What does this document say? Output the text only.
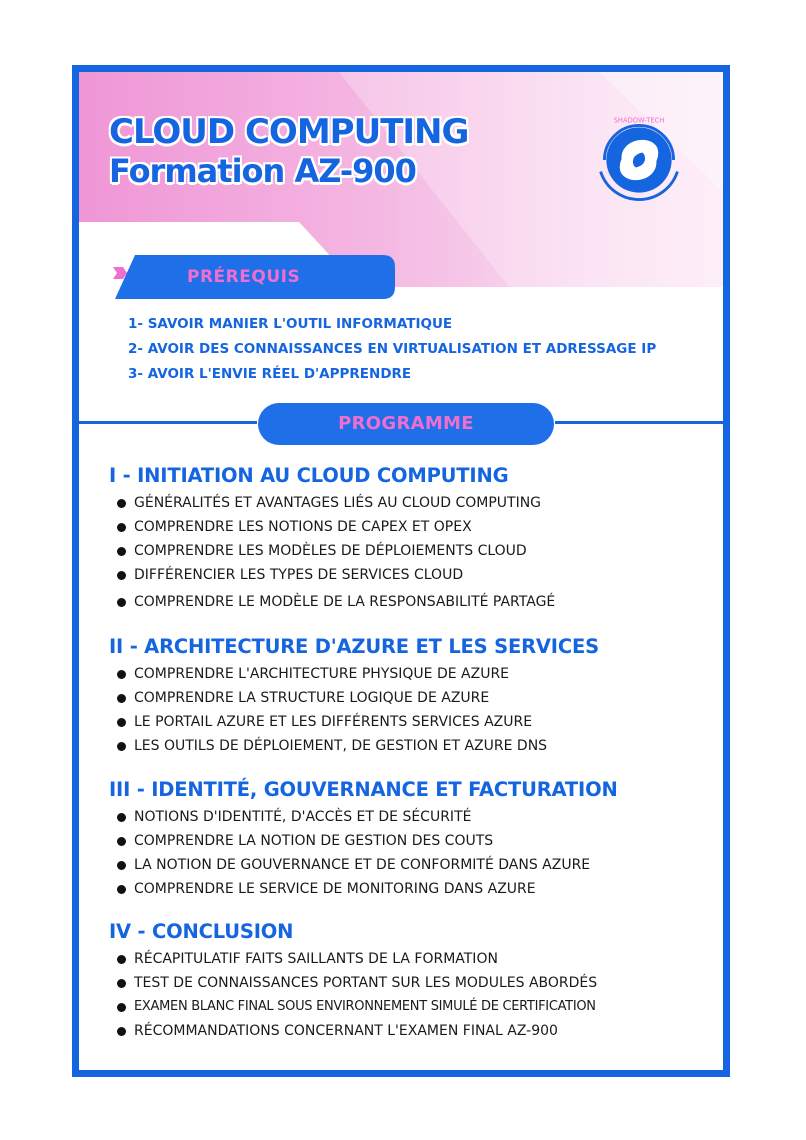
CLOUD COMPUTING
Formation AZ-900
SHADOW-TECH
PRÉREQUIS
1- SAVOIR MANIER L'OUTIL INFORMATIQUE
2- AVOIR DES CONNAISSANCES EN VIRTUALISATION ET ADRESSAGE IP
3- AVOIR L'ENVIE RÉEL D'APPRENDRE
PROGRAMME
I - INITIATION AU CLOUD COMPUTING
GÉNÉRALITÉS ET AVANTAGES LIÉS AU CLOUD COMPUTING
COMPRENDRE LES NOTIONS DE CAPEX ET OPEX
COMPRENDRE LES MODÈLES DE DÉPLOIEMENTS CLOUD
DIFFÉRENCIER LES TYPES DE SERVICES CLOUD
COMPRENDRE LE MODÈLE DE LA RESPONSABILITÉ PARTAGÉ
II - ARCHITECTURE D'AZURE ET LES SERVICES
COMPRENDRE L'ARCHITECTURE PHYSIQUE DE AZURE
COMPRENDRE LA STRUCTURE LOGIQUE DE AZURE
LE PORTAIL AZURE ET LES DIFFÉRENTS SERVICES AZURE
LES OUTILS DE DÉPLOIEMENT, DE GESTION ET AZURE DNS
III - IDENTITÉ, GOUVERNANCE ET FACTURATION
NOTIONS D'IDENTITÉ, D'ACCÈS ET DE SÉCURITÉ
COMPRENDRE LA NOTION DE GESTION DES COUTS
LA NOTION DE GOUVERNANCE ET DE CONFORMITÉ DANS AZURE
COMPRENDRE LE SERVICE DE MONITORING DANS AZURE
IV - CONCLUSION
RÉCAPITULATIF FAITS SAILLANTS DE LA FORMATION
TEST DE CONNAISSANCES PORTANT SUR LES MODULES ABORDÉS
EXAMEN BLANC FINAL SOUS ENVIRONNEMENT SIMULÉ DE CERTIFICATION
RÉCOMMANDATIONS CONCERNANT L'EXAMEN FINAL AZ-900
